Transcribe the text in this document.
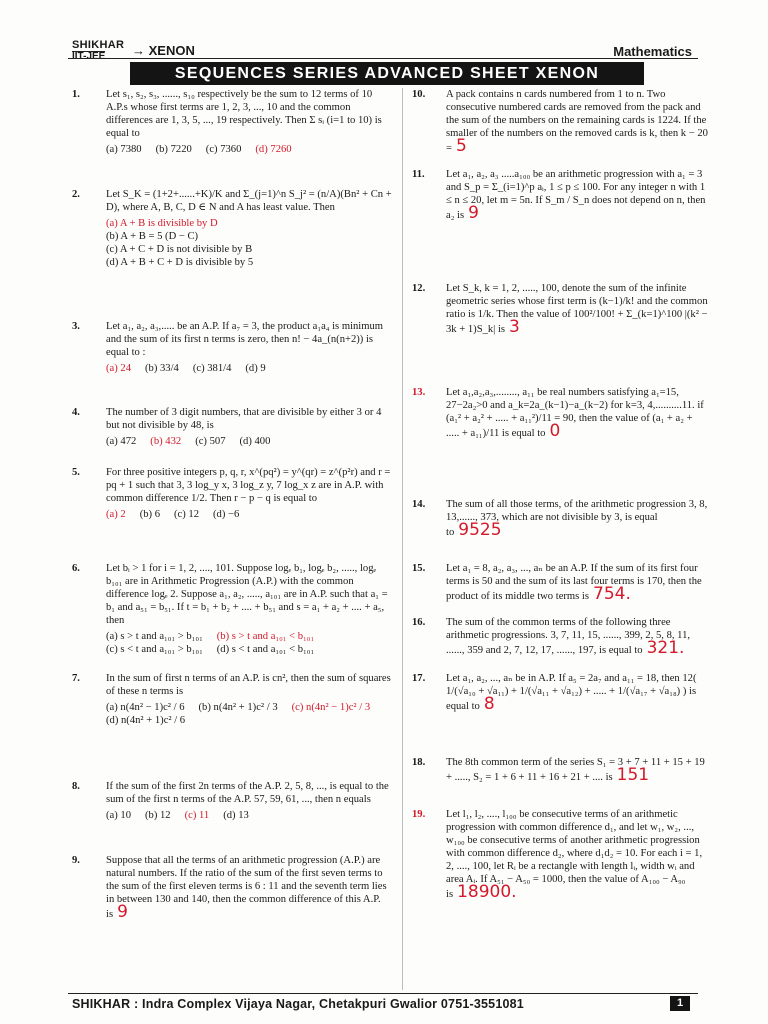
SHIKHAR
IIT-JEE → XENON	Mathematics
SEQUENCES SERIES ADVANCED SHEET XENON
1. Let s₁, s₂, s₃, ......, s₁₀ respectively be the sum to 12 terms of 10 A.P.s whose first terms are 1, 2, 3, ..., 10 and the common differences are 1, 3, 5, ..., 19 respectively. Then Σ sᵢ (i=1 to 10) is equal to

(a) 7380 (b) 7220 (c) 7360 (d) 7260
2. Let S_K = (1+2+......+K)/K and Σ_(j=1)^n S_j² = (n/A)(Bn² + Cn + D), where A, B, C, D ∈ N and A has least value. Then

(a) A + B is divisible by D
(b) A + B = 5 (D − C)
(c) A + C + D is not divisible by B
(d) A + B + C + D is divisible by 5
3. Let a₁, a₂, a₃,..... be an A.P. If a₇ = 3, the product a₁a₄ is minimum and the sum of its first n terms is zero, then n! − 4a_(n(n+2)) is equal to :

(a) 24 (b) 33/4 (c) 381/4 (d) 9
4. The number of 3 digit numbers, that are divisible by either 3 or 4 but not divisible by 48, is

(a) 472 (b) 432 (c) 507 (d) 400
5. For three positive integers p, q, r, x^(pq²) = y^(qr) = z^(p²r) and r = pq + 1 such that 3, 3 log_y x, 3 log_z y, 7 log_x z are in A.P. with common difference 1/2. Then r − p − q is equal to

(a) 2 (b) 6 (c) 12 (d) −6
6. Let bᵢ > 1 for i = 1, 2, ...., 101. Suppose logₑ b₁, logₑ b₂, ....., logₑ b₁₀₁ are in Arithmetic Progression (A.P.) with the common difference logₑ 2. Suppose a₁, a₂, ....., a₁₀₁ are in A.P. such that a₁ = b₁ and a₅₁ = b₅₁. If t = b₁ + b₂ + .... + b₅₁ and s = a₁ + a₂ + .... + a₅, then

(a) s > t and a₁₀₁ > b₁₀₁ (b) s > t and a₁₀₁ < b₁₀₁
(c) s < t and a₁₀₁ > b₁₀₁ (d) s < t and a₁₀₁ < b₁₀₁
7. In the sum of first n terms of an A.P. is cn², then the sum of squares of these n terms is

(a) n(4n² − 1)c² / 6 (b) n(4n² + 1)c² / 3 (c) n(4n² − 1)c² / 3
(d) n(4n² + 1)c² / 6
8. If the sum of the first 2n terms of the A.P. 2, 5, 8, ..., is equal to the sum of the first n terms of the A.P. 57, 59, 61, ..., then n equals

(a) 10 (b) 12 (c) 11 (d) 13
9. Suppose that all the terms of an arithmetic progression (A.P.) are natural numbers. If the ratio of the sum of the first seven terms to the sum of the first eleven terms is 6 : 11 and the seventh term lies in between 130 and 140, then the common difference of this A.P. is 9

10. A pack contains n cards numbered from 1 to n. Two consecutive numbered cards are removed from the pack and the sum of the numbers on the remaining cards is 1224. If the smaller of the numbers on the removed cards is k, then k − 20 = 5

11. Let a₁, a₂, a₃ .....a₁₀₀ be an arithmetic progression with a₁ = 3 and S_p = Σ_(i=1)^p aᵢ, 1 ≤ p ≤ 100. For any integer n with 1 ≤ n ≤ 20, let m = 5n. If S_m / S_n does not depend on n, then a₂ is 9

12. Let S_k, k = 1, 2, ....., 100, denote the sum of the infinite geometric series whose first term is (k−1)/k! and the common ratio is 1/k. Then the value of 100²/100! + Σ_(k=1)^100 |(k² − 3k + 1)S_k| is 3

13. Let a₁,a₂,a₃,........, a₁₁ be real numbers satisfying a₁=15, 27−2a₂>0 and a_k=2a_(k−1)−a_(k−2) for k=3, 4,..........11. if (a₁² + a₂² + ..... + a₁₁²)/11 = 90, then the value of (a₁ + a₂ + ..... + a₁₁)/11 is equal to 0

14. The sum of all those terms, of the arithmetic progression 3, 8, 13,......, 373, which are not divisible by 3, is equal to 9525

15. Let a₁ = 8, a₂, a₃, ..., aₙ be an A.P. If the sum of its first four terms is 50 and the sum of its last four terms is 170, then the product of its middle two terms is 754.

16. The sum of the common terms of the following three arithmetic progressions. 3, 7, 11, 15, ......, 399, 2, 5, 8, 11, ......, 359 and 2, 7, 12, 17, ......, 197, is equal to 321.

17. Let a₁, a₂, ..., aₙ be in A.P. If a₅ = 2a₇ and a₁₁ = 18, then 12( 1/(√a₁₀ + √a₁₁) + 1/(√a₁₁ + √a₁₂) + ..... + 1/(√a₁₇ + √a₁₈) ) is equal to 8

18. The 8th common term of the series S₁ = 3 + 7 + 11 + 15 + 19 + ....., S₂ = 1 + 6 + 11 + 16 + 21 + .... is 151

19. Let l₁, l₂, ...., l₁₀₀ be consecutive terms of an arithmetic progression with common difference d₁, and let w₁, w₂, ..., w₁₀₀ be consecutive terms of another arithmetic progression with common difference d₂, where d₁d₂ = 10. For each i = 1, 2, ...., 100, let Rᵢ be a rectangle with length lᵢ, width wᵢ and area Aᵢ. If A₅₁ − A₅₀ = 1000, then the value of A₁₀₀ − A₉₀ is 18900.

SHIKHAR : Indra Complex Vijaya Nagar, Chetakpuri Gwalior 0751-3551081	1
